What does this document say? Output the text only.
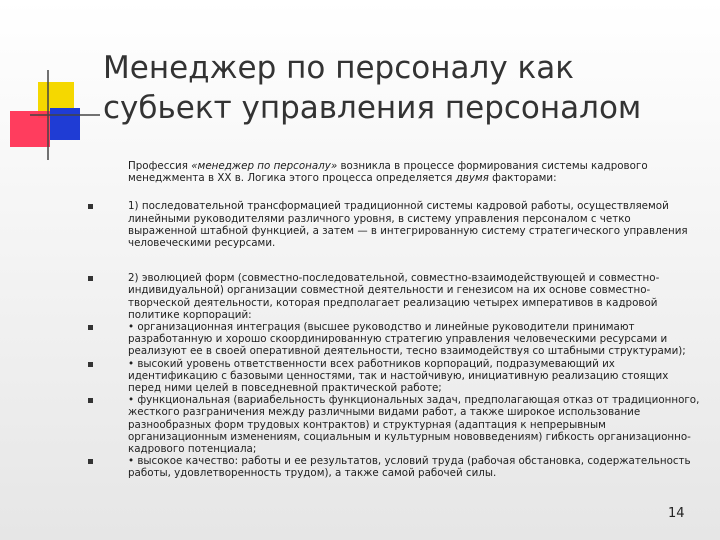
Менеджер по персоналу как
субьект управления персоналом

Профессия «менеджер по персоналу» возникла в процессе формирования системы кадрового менеджмента в XX в. Логика этого процесса определяется двумя факторами:

1) последовательной трансформацией традиционной системы кадровой работы, осуществляемой линейными руководителями различного уровня, в систему управления персоналом с четко выраженной штабной функцией, а затем — в интегрированную систему стратегического управления человеческими ресурсами.

2) эволюцией форм (совместно-последовательной, совместно-взаимодействующей и совместно-индивидуальной) организации совместной деятельности и генезисом на их основе совместно-творческой деятельности, которая предполагает реализацию четырех императивов в кадровой политике корпораций:

• организационная интеграция (высшее руководство и линейные руководители принимают разработанную и хорошо скоординированную стратегию управления человеческими ресурсами и реализуют ее в своей оперативной деятельности, тесно взаимодействуя со штабными структурами);

• высокий уровень ответственности всех работников корпораций, подразумевающий их идентификацию с базовыми ценностями, так и настойчивую, инициативную реализацию стоящих перед ними целей в повседневной практической работе;

• функциональная (вариабельность функциональных задач, предполагающая отказ от традиционного, жесткого разграничения между различными видами работ, а также широкое использование разнообразных форм трудовых контрактов) и структурная (адаптация к непрерывным организационным изменениям, социальным и культурным нововведениям) гибкость организационно-кадрового потенциала;

• высокое качество: работы и ее результатов, условий труда (рабочая обстановка, содержательность работы, удовлетворенность трудом), а также самой рабочей силы.

14
